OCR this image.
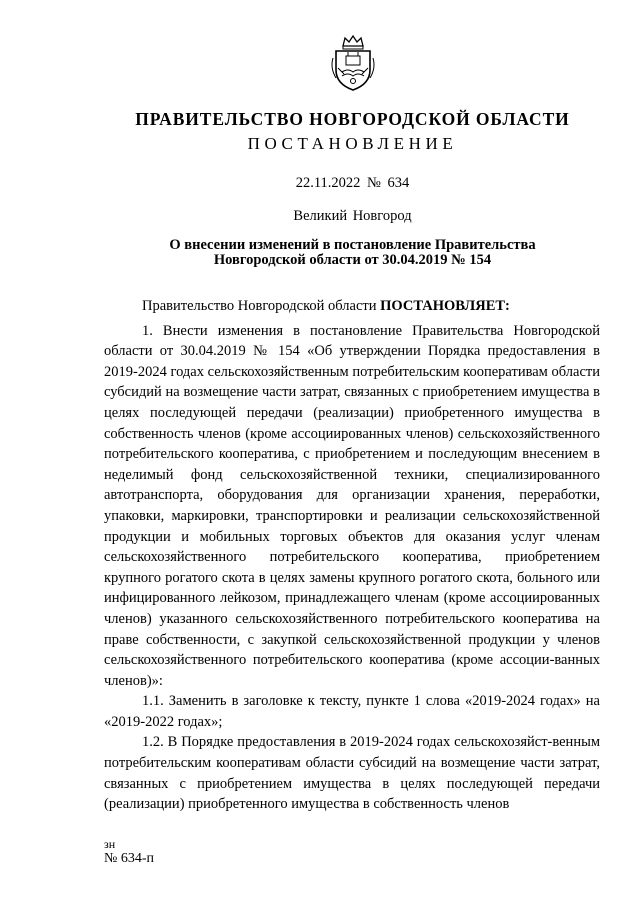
ПРАВИТЕЛЬСТВО НОВГОРОДСКОЙ ОБЛАСТИ
ПОСТАНОВЛЕНИЕ
22.11.2022 № 634
Великий Новгород
О внесении изменений в постановление Правительства
Новгородской области от 30.04.2019 № 154

Правительство Новгородской области ПОСТАНОВЛЯЕТ:

1. Внести изменения в постановление Правительства Новгородской области от 30.04.2019 № 154 «Об утверждении Порядка предоставления в 2019-2024 годах сельскохозяйственным потребительским кооперативам области субсидий на возмещение части затрат, связанных с приобретением имущества в целях последующей передачи (реализации) приобретенного имущества в собственность членов (кроме ассоциированных членов) сельскохозяйственного потребительского кооператива, с приобретением и последующим внесением в неделимый фонд сельскохозяйственной техники, специализированного автотранспорта, оборудования для организации хранения, переработки, упаковки, маркировки, транспортировки и реализации сельскохозяйственной продукции и мобильных торговых объектов для оказания услуг членам сельскохозяйственного потребительского кооператива, приобретением крупного рогатого скота в целях замены крупного рогатого скота, больного или инфицированного лейкозом, принадлежащего членам (кроме ассоциированных членов) указанного сельскохозяйственного потребительского кооператива на праве собственности, с закупкой сельскохозяйственной продукции у членов сельскохозяйственного потребительского кооператива (кроме ассоции-ванных членов)»:

1.1. Заменить в заголовке к тексту, пункте 1 слова «2019-2024 годах» на «2019-2022 годах»;

1.2. В Порядке предоставления в 2019-2024 годах сельскохозяйст-венным потребительским кооперативам области субсидий на возмещение части затрат, связанных с приобретением имущества в целях последующей передачи (реализации) приобретенного имущества в собственность членов

зн
№ 634-п
